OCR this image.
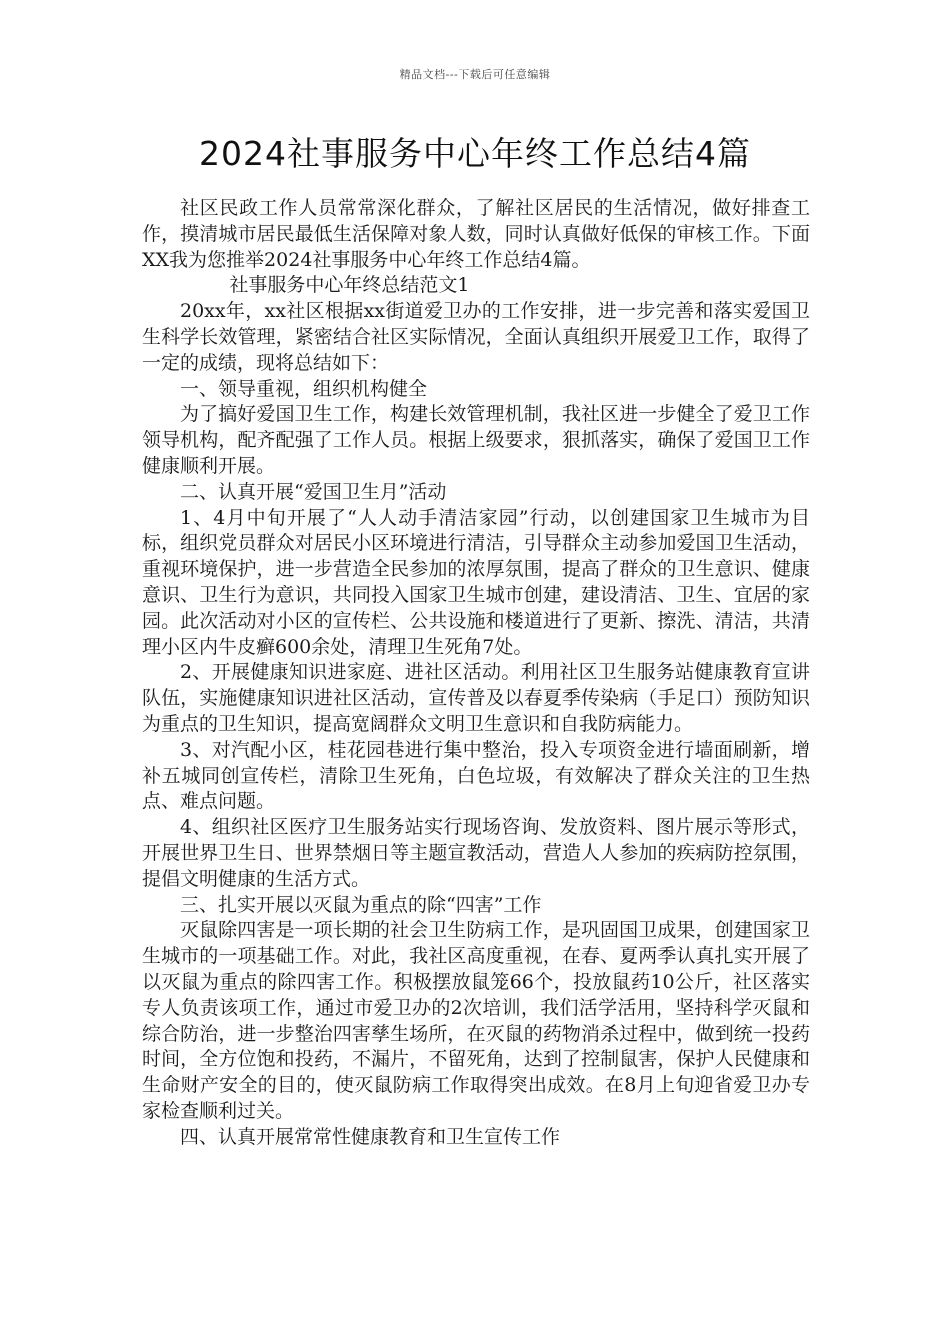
精品文档---下载后可任意编辑
2024社事服务中心年终工作总结4篇

社区民政工作人员常常深化群众，了解社区居民的生活情况，做好排查工作，摸清城市居民最低生活保障对象人数，同时认真做好低保的审核工作。下面XX我为您推举2024社事服务中心年终工作总结4篇。

社事服务中心年终总结范文1

20xx年，xx社区根据xx街道爱卫办的工作安排，进一步完善和落实爱国卫生科学长效管理，紧密结合社区实际情况，全面认真组织开展爱卫工作，取得了一定的成绩，现将总结如下：

一、领导重视，组织机构健全

为了搞好爱国卫生工作，构建长效管理机制，我社区进一步健全了爱卫工作领导机构，配齐配强了工作人员。根据上级要求，狠抓落实，确保了爱国卫工作健康顺利开展。

二、认真开展“爱国卫生月”活动

1、4月中旬开展了“人人动手清洁家园”行动，以创建国家卫生城市为目标，组织党员群众对居民小区环境进行清洁，引导群众主动参加爱国卫生活动，重视环境保护，进一步营造全民参加的浓厚氛围，提高了群众的卫生意识、健康意识、卫生行为意识，共同投入国家卫生城市创建，建设清洁、卫生、宜居的家园。此次活动对小区的宣传栏、公共设施和楼道进行了更新、擦洗、清洁，共清理小区内牛皮癣600余处，清理卫生死角7处。

2、开展健康知识进家庭、进社区活动。利用社区卫生服务站健康教育宣讲队伍，实施健康知识进社区活动，宣传普及以春夏季传染病（手足口）预防知识为重点的卫生知识，提高宽阔群众文明卫生意识和自我防病能力。

3、对汽配小区，桂花园巷进行集中整治，投入专项资金进行墙面刷新，增补五城同创宣传栏，清除卫生死角，白色垃圾，有效解决了群众关注的卫生热点、难点问题。

4、组织社区医疗卫生服务站实行现场咨询、发放资料、图片展示等形式，开展世界卫生日、世界禁烟日等主题宣教活动，营造人人参加的疾病防控氛围，提倡文明健康的生活方式。

三、扎实开展以灭鼠为重点的除“四害”工作

灭鼠除四害是一项长期的社会卫生防病工作，是巩固国卫成果，创建国家卫生城市的一项基础工作。对此，我社区高度重视，在春、夏两季认真扎实开展了以灭鼠为重点的除四害工作。积极摆放鼠笼66个，投放鼠药10公斤，社区落实专人负责该项工作，通过市爱卫办的2次培训，我们活学活用，坚持科学灭鼠和综合防治，进一步整治四害孳生场所，在灭鼠的药物消杀过程中，做到统一投药时间，全方位饱和投药，不漏片，不留死角，达到了控制鼠害，保护人民健康和生命财产安全的目的，使灭鼠防病工作取得突出成效。在8月上旬迎省爱卫办专家检查顺利过关。

四、认真开展常常性健康教育和卫生宣传工作
